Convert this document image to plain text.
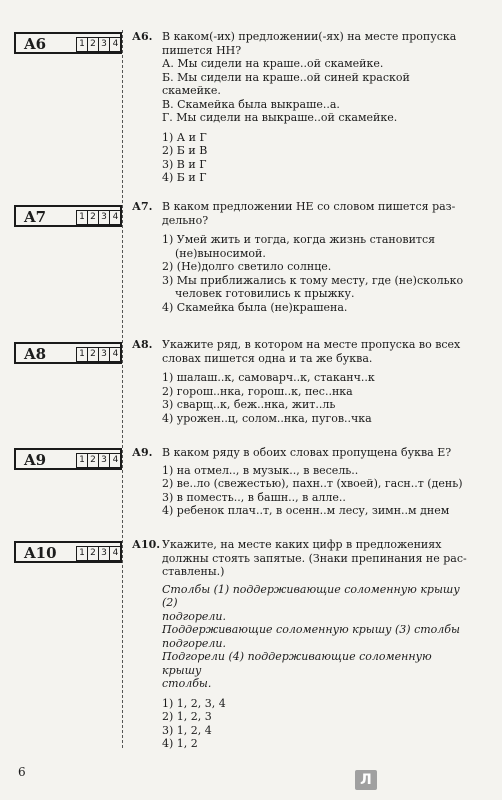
A6	1 2 3 4
A7	1 2 3 4
A8	1 2 3 4
A9	1 2 3 4
A10	1 2 3 4
А6. В каком(-их) предложении(-ях) на месте пропуска

пишется НН?

А. Мы сидели на краше..ой скамейке.

Б. Мы сидели на краше..ой синей краской скамейке.

В. Скамейка была выкраше..а.

Г. Мы сидели на выкраше..ой скамейке.

1) А и Г

2) Б и В

3) В и Г

4) Б и Г

А7. В каком предложении НЕ со словом пишется раз-

дельно?

1) Умей жить и тогда, когда жизнь становится

(не)выносимой.

2) (Не)долго светило солнце.

3) Мы приближались к тому месту, где (не)сколько

человек готовились к прыжку.

4) Скамейка была (не)крашена.

А8. Укажите ряд, в котором на месте пропуска во всех

словах пишется одна и та же буква.

1) шалаш..к, самоварч..к, стаканч..к

2) горош..нка, горош..к, пес..нка

3) сварщ..к, беж..нка, жит..ль

4) урожен..ц, солом..нка, пугов..чка

А9. В каком ряду в обоих словах пропущена буква Е?

1) на отмел.., в музык.., в весель..

2) ве..ло (свежестью), пахн..т (хвоей), гасн..т (день)

3) в поместь.., в башн.., в алле..

4) ребенок плач..т, в осенн..м лесу, зимн..м днем

А10. Укажите, на месте каких цифр в предложениях

должны стоять запятые. (Знаки препинания не рас-

ставлены.)

Столбы (1) поддерживающие соломенную крышу (2)

подгорели.

Поддерживающие соломенную крышу (3) столбы

подгорели.

Подгорели (4) поддерживающие соломенную крышу

столбы.

1) 1, 2, 3, 4

2) 1, 2, 3

3) 1, 2, 4

4) 1, 2

6	Л
